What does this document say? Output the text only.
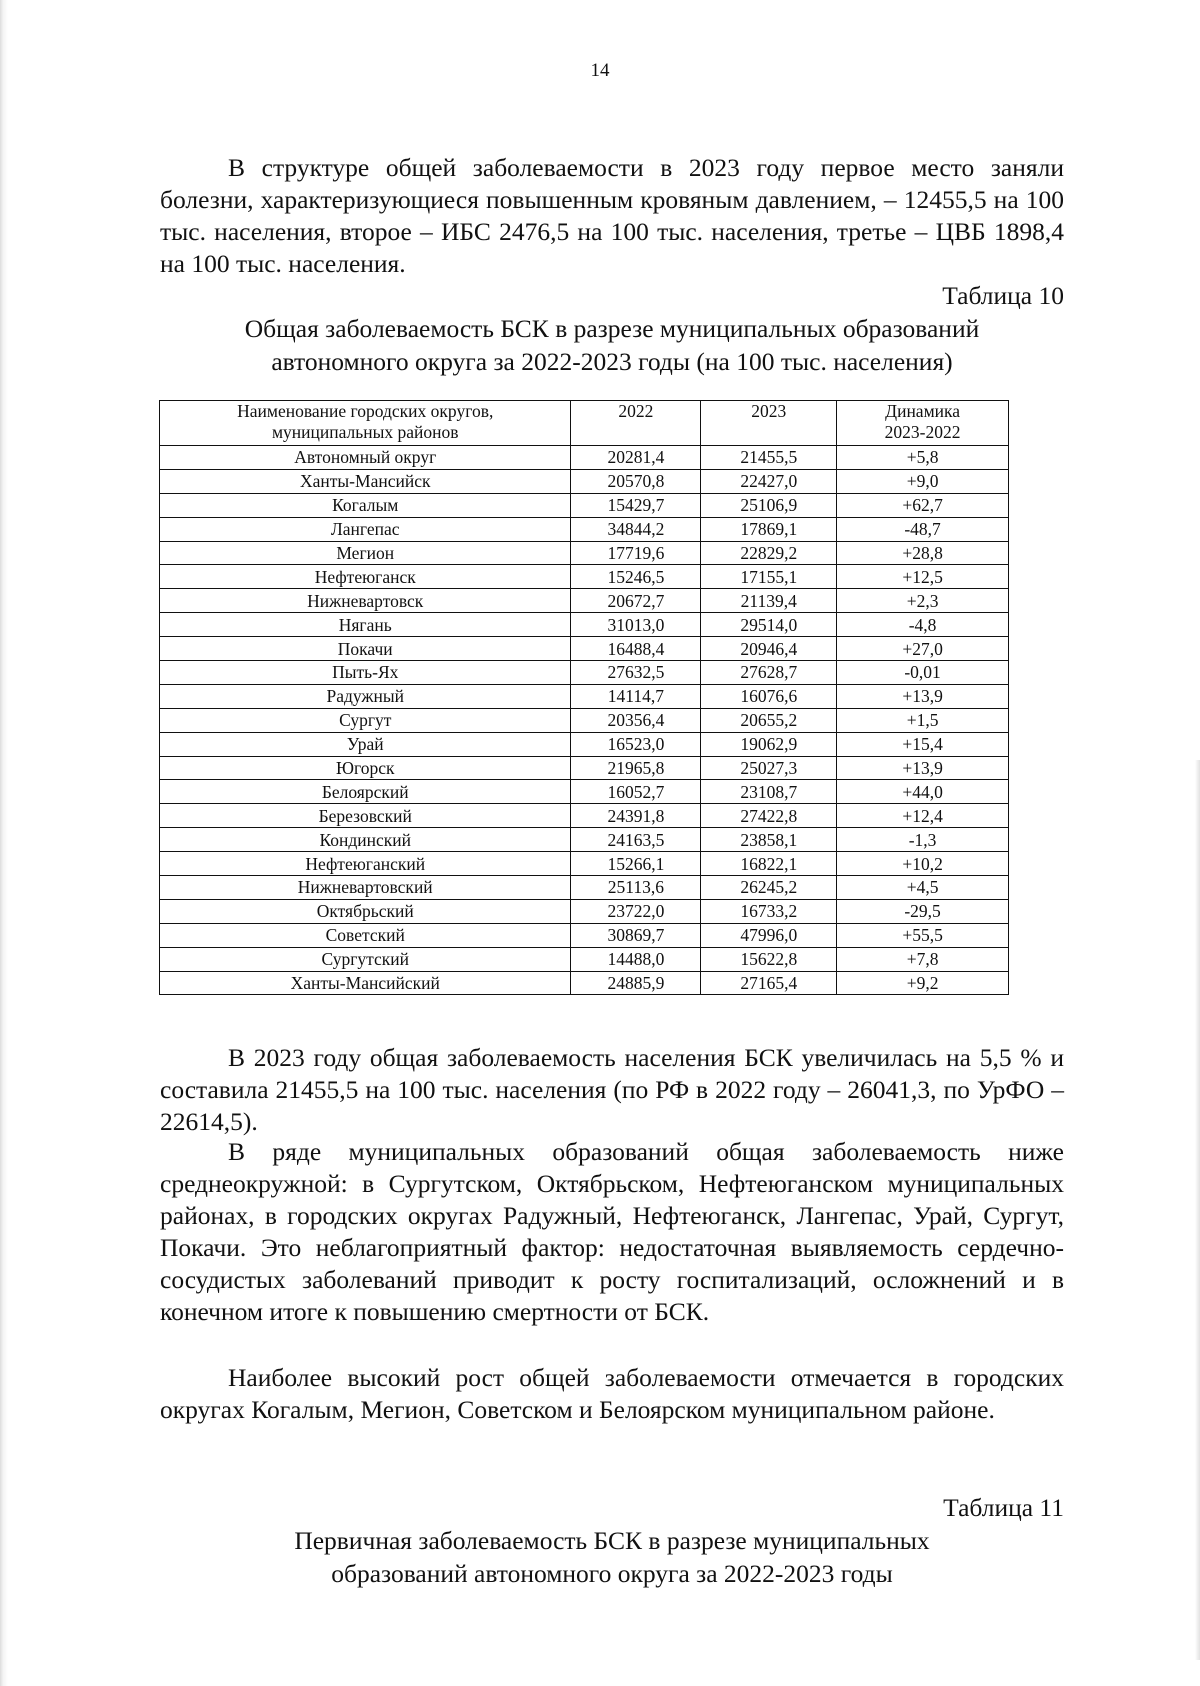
14

В структуре общей заболеваемости в 2023 году первое место заняли болезни, характеризующиеся повышенным кровяным давлением, – 12455,5 на 100 тыс. населения, второе – ИБС 2476,5 на 100 тыс. населения, третье – ЦВБ 1898,4 на 100 тыс. населения.

Таблица 10

Общая заболеваемость БСК в разрезе муниципальных образований
автономного округа за 2022-2023 годы (на 100 тыс. населения)

Наименование городских округов,
муниципальных районов	2022	2023	Динамика
2023-2022
Автономный округ	20281,4	21455,5	+5,8
Ханты-Мансийск	20570,8	22427,0	+9,0
Когалым	15429,7	25106,9	+62,7
Лангепас	34844,2	17869,1	-48,7
Мегион	17719,6	22829,2	+28,8
Нефтеюганск	15246,5	17155,1	+12,5
Нижневартовск	20672,7	21139,4	+2,3
Нягань	31013,0	29514,0	-4,8
Покачи	16488,4	20946,4	+27,0
Пыть-Ях	27632,5	27628,7	-0,01
Радужный	14114,7	16076,6	+13,9
Сургут	20356,4	20655,2	+1,5
Урай	16523,0	19062,9	+15,4
Югорск	21965,8	25027,3	+13,9
Белоярский	16052,7	23108,7	+44,0
Березовский	24391,8	27422,8	+12,4
Кондинский	24163,5	23858,1	-1,3
Нефтеюганский	15266,1	16822,1	+10,2
Нижневартовский	25113,6	26245,2	+4,5
Октябрьский	23722,0	16733,2	-29,5
Советский	30869,7	47996,0	+55,5
Сургутский	14488,0	15622,8	+7,8
Ханты-Мансийский	24885,9	27165,4	+9,2

В 2023 году общая заболеваемость населения БСК увеличилась на 5,5 % и составила 21455,5 на 100 тыс. населения (по РФ в 2022 году – 26041,3, по УрФО – 22614,5).

В ряде муниципальных образований общая заболеваемость ниже среднеокружной: в Сургутском, Октябрьском, Нефтеюганском муниципальных районах, в городских округах Радужный, Нефтеюганск, Лангепас, Урай, Сургут, Покачи. Это неблагоприятный фактор: недостаточная выявляемость сердечно-сосудистых заболеваний приводит к росту госпитализаций, осложнений и в конечном итоге к повышению смертности от БСК.

Наиболее высокий рост общей заболеваемости отмечается в городских округах Когалым, Мегион, Советском и Белоярском муниципальном районе.

Таблица 11

Первичная заболеваемость БСК в разрезе муниципальных
образований автономного округа за 2022-2023 годы
